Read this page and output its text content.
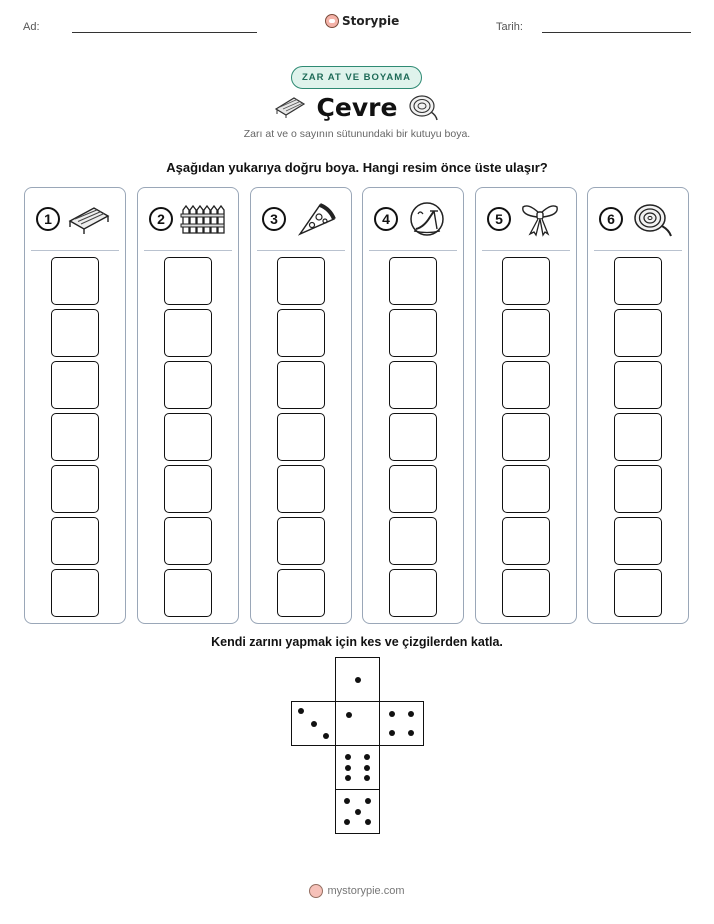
Ad:	Storypie	Tarih:
ZAR AT VE BOYAMA
Çevre
Zarı at ve o sayının sütunundaki bir kutuyu boya.
Aşağıdan yukarıya doğru boya. Hangi resim önce üste ulaşır?
1	2	3	4	5	6
Kendi zarını yapmak için kes ve çizgilerden katla.
mystorypie.com
